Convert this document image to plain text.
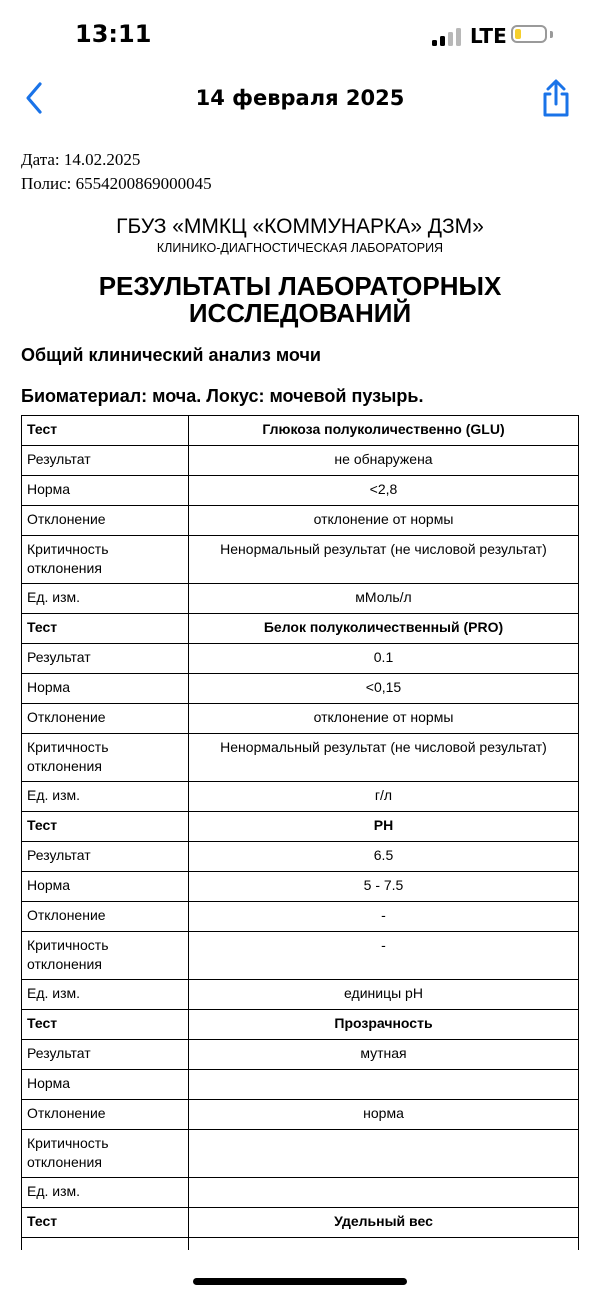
13:11	LTE
14 февраля 2025
Дата: 14.02.2025
Полис: 6554200869000045
ГБУЗ «ММКЦ «КОММУНАРКА» ДЗМ»
КЛИНИКО-ДИАГНОСТИЧЕСКАЯ ЛАБОРАТОРИЯ
РЕЗУЛЬТАТЫ ЛАБОРАТОРНЫХ
ИССЛЕДОВАНИЙ
Общий клинический анализ мочи
Биоматериал: моча. Локус: мочевой пузырь.
Тест	Глюкоза полуколичественно (GLU)
Результат	не обнаружена
Норма	<2,8
Отклонение	отклонение от нормы
Критичность отклонения	Ненормальный результат (не числовой результат)
Ед. изм.	мМоль/л
Тест	Белок полуколичественный (PRO)
Результат	0.1
Норма	<0,15
Отклонение	отклонение от нормы
Критичность отклонения	Ненормальный результат (не числовой результат)
Ед. изм.	г/л
Тест	PH
Результат	6.5
Норма	5 - 7.5
Отклонение	-
Критичность отклонения	-
Ед. изм.	единицы pH
Тест	Прозрачность
Результат	мутная
Норма	
Отклонение	норма
Критичность отклонения	
Ед. изм.	
Тест	Удельный вес
